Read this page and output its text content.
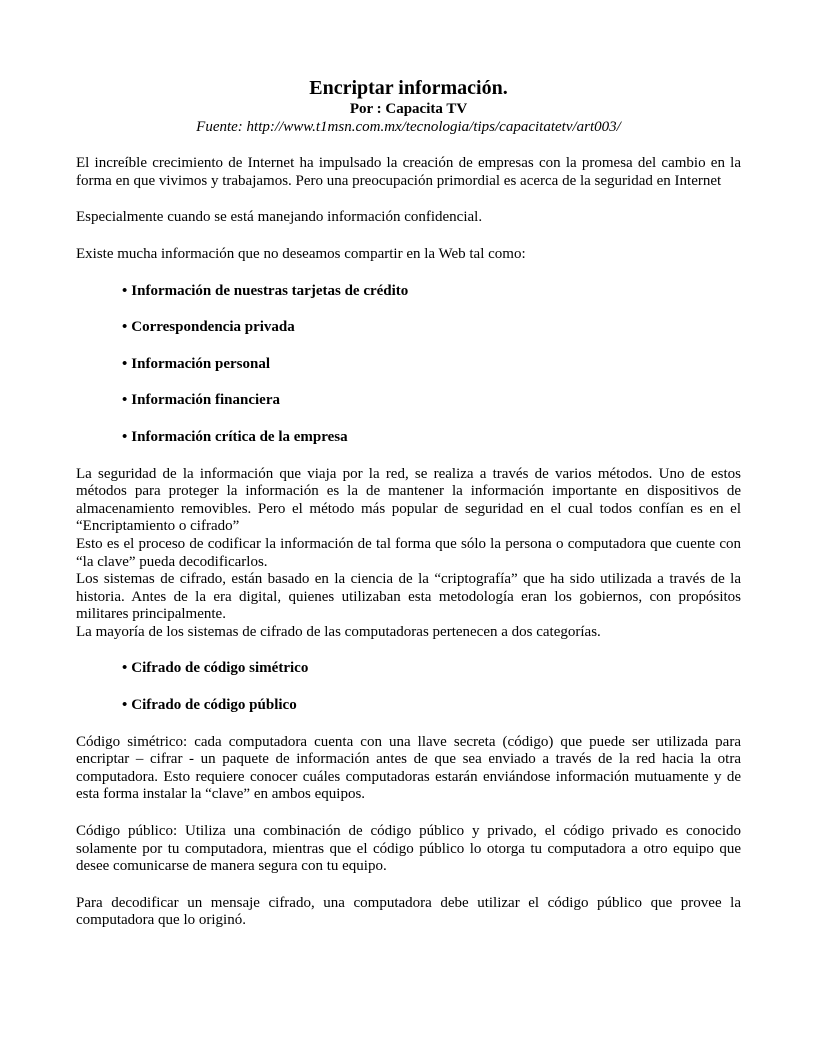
Encriptar información.
Por : Capacita TV
Fuente: http://www.t1msn.com.mx/tecnologia/tips/capacitatetv/art003/

El increíble crecimiento de Internet ha impulsado la creación de empresas con la promesa del cambio en la forma en que vivimos y trabajamos. Pero una preocupación primordial es acerca de la seguridad en Internet

Especialmente cuando se está manejando información confidencial.

Existe mucha información que no deseamos compartir en la Web tal como:

• Información de nuestras tarjetas de crédito
• Correspondencia privada
• Información personal
• Información financiera
• Información crítica de la empresa

La seguridad de la información que viaja por la red, se realiza a través de varios métodos. Uno de estos métodos para proteger la información es la de mantener la información importante en dispositivos de almacenamiento removibles. Pero el método más popular de seguridad en el cual todos confían es en el “Encriptamiento o cifrado”

Esto es el proceso de codificar la información de tal forma que sólo la persona o computadora que cuente con “la clave” pueda decodificarlos.

Los sistemas de cifrado, están basado en la ciencia de la “criptografía” que ha sido utilizada a través de la historia. Antes de la era digital, quienes utilizaban esta metodología eran los gobiernos, con propósitos militares principalmente.

La mayoría de los sistemas de cifrado de las computadoras pertenecen a dos categorías.

• Cifrado de código simétrico
• Cifrado de código público

Código simétrico: cada computadora cuenta con una llave secreta (código) que puede ser utilizada para encriptar – cifrar - un paquete de información antes de que sea enviado a través de la red hacia la otra computadora. Esto requiere conocer cuáles computadoras estarán enviándose información mutuamente y de esta forma instalar la “clave” en ambos equipos.

Código público: Utiliza una combinación de código público y privado, el código privado es conocido solamente por tu computadora, mientras que el código público lo otorga tu computadora a otro equipo que desee comunicarse de manera segura con tu equipo.

Para decodificar un mensaje cifrado, una computadora debe utilizar el código público que provee la computadora que lo originó.
